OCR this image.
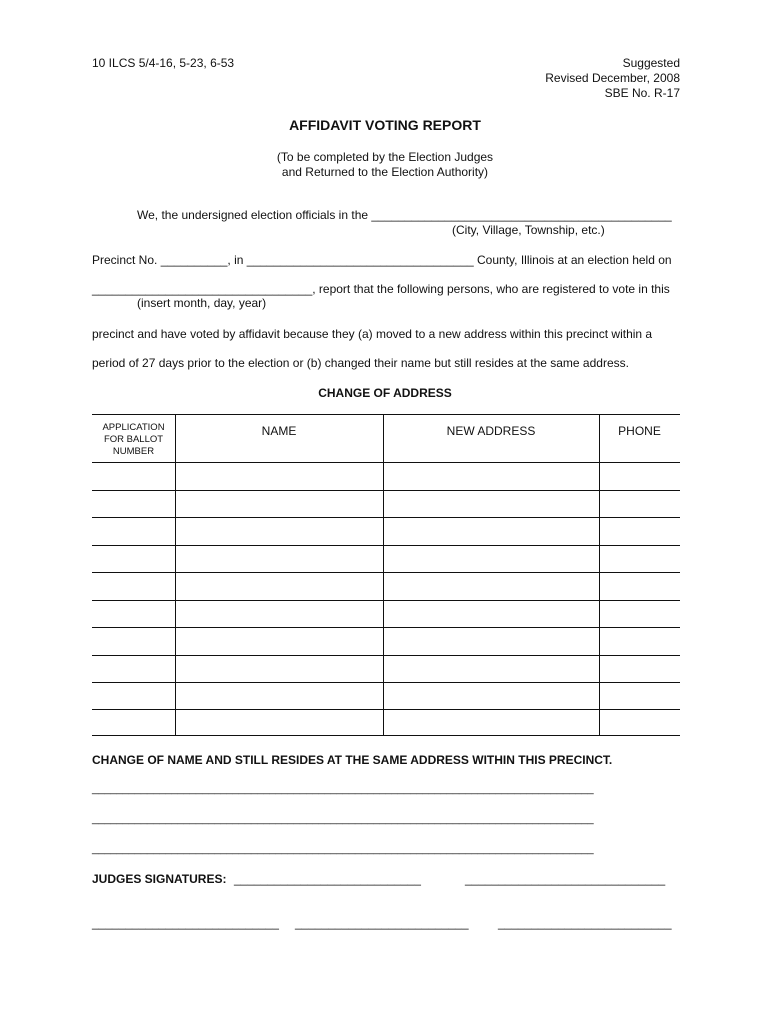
10 ILCS 5/4-16, 5-23, 6-53	Suggested
Revised December, 2008
SBE No. R-17
AFFIDAVIT VOTING REPORT
(To be completed by the Election Judges
and Returned to the Election Authority)
We, the undersigned election officials in the _____________________________________________
(City, Village, Township, etc.)
Precinct No. __________, in __________________________________ County, Illinois at an election held on
_________________________________, report that the following persons, who are registered to vote in this
(insert month, day, year)
precinct and have voted by affidavit because they (a) moved to a new address within this precinct within a
period of 27 days prior to the election or (b) changed their name but still resides at the same address.
CHANGE OF ADDRESS
APPLICATION
FOR BALLOT
NUMBER
NAME	NEW ADDRESS	PHONE
CHANGE OF NAME AND STILL RESIDES AT THE SAME ADDRESS WITHIN THIS PRECINCT.
__________________________________________________________________________________
__________________________________________________________________________________
__________________________________________________________________________________
JUDGES SIGNATURES: ____________________________	______________________________
____________________________ __________________________ __________________________
